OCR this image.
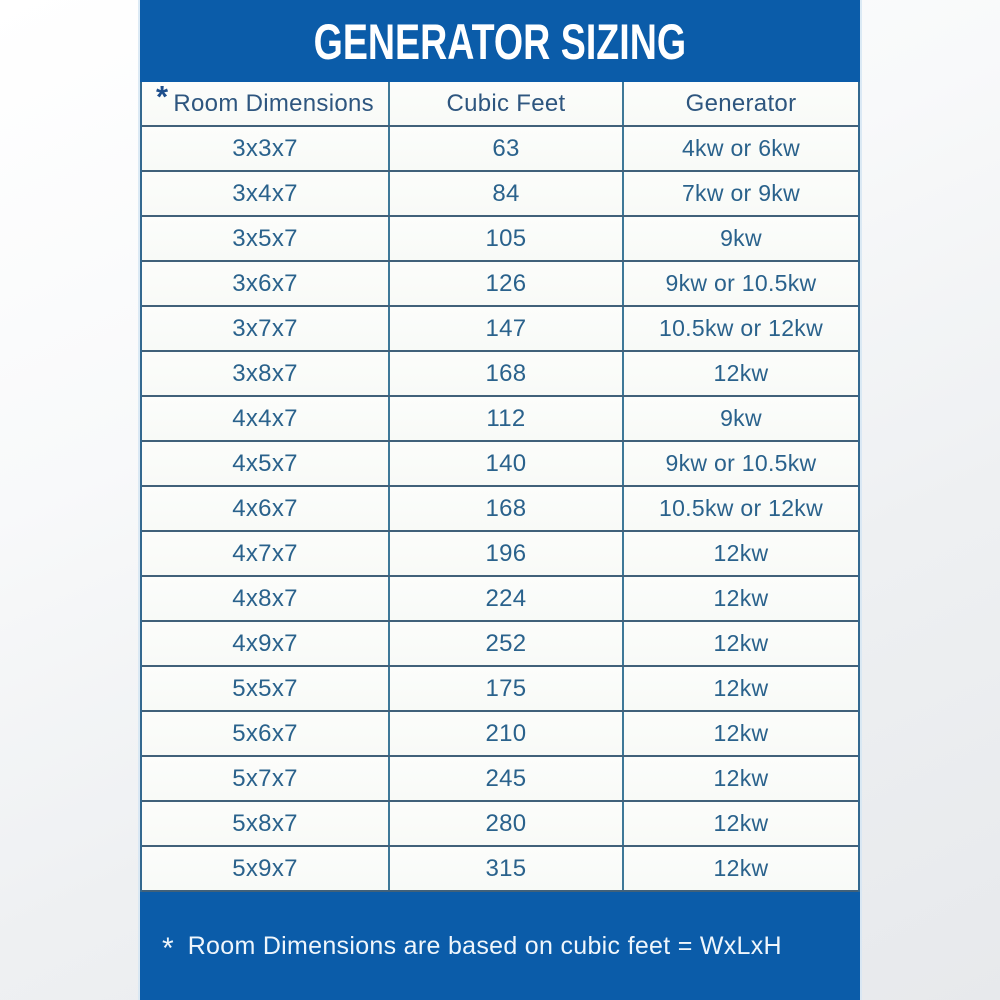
GENERATOR SIZING
* Room Dimensions	Cubic Feet	Generator
3x3x7	63	4kw or 6kw
3x4x7	84	7kw or 9kw
3x5x7	105	9kw
3x6x7	126	9kw or 10.5kw
3x7x7	147	10.5kw or 12kw
3x8x7	168	12kw
4x4x7	112	9kw
4x5x7	140	9kw or 10.5kw
4x6x7	168	10.5kw or 12kw
4x7x7	196	12kw
4x8x7	224	12kw
4x9x7	252	12kw
5x5x7	175	12kw
5x6x7	210	12kw
5x7x7	245	12kw
5x8x7	280	12kw
5x9x7	315	12kw
* Room Dimensions are based on cubic feet = WxLxH
